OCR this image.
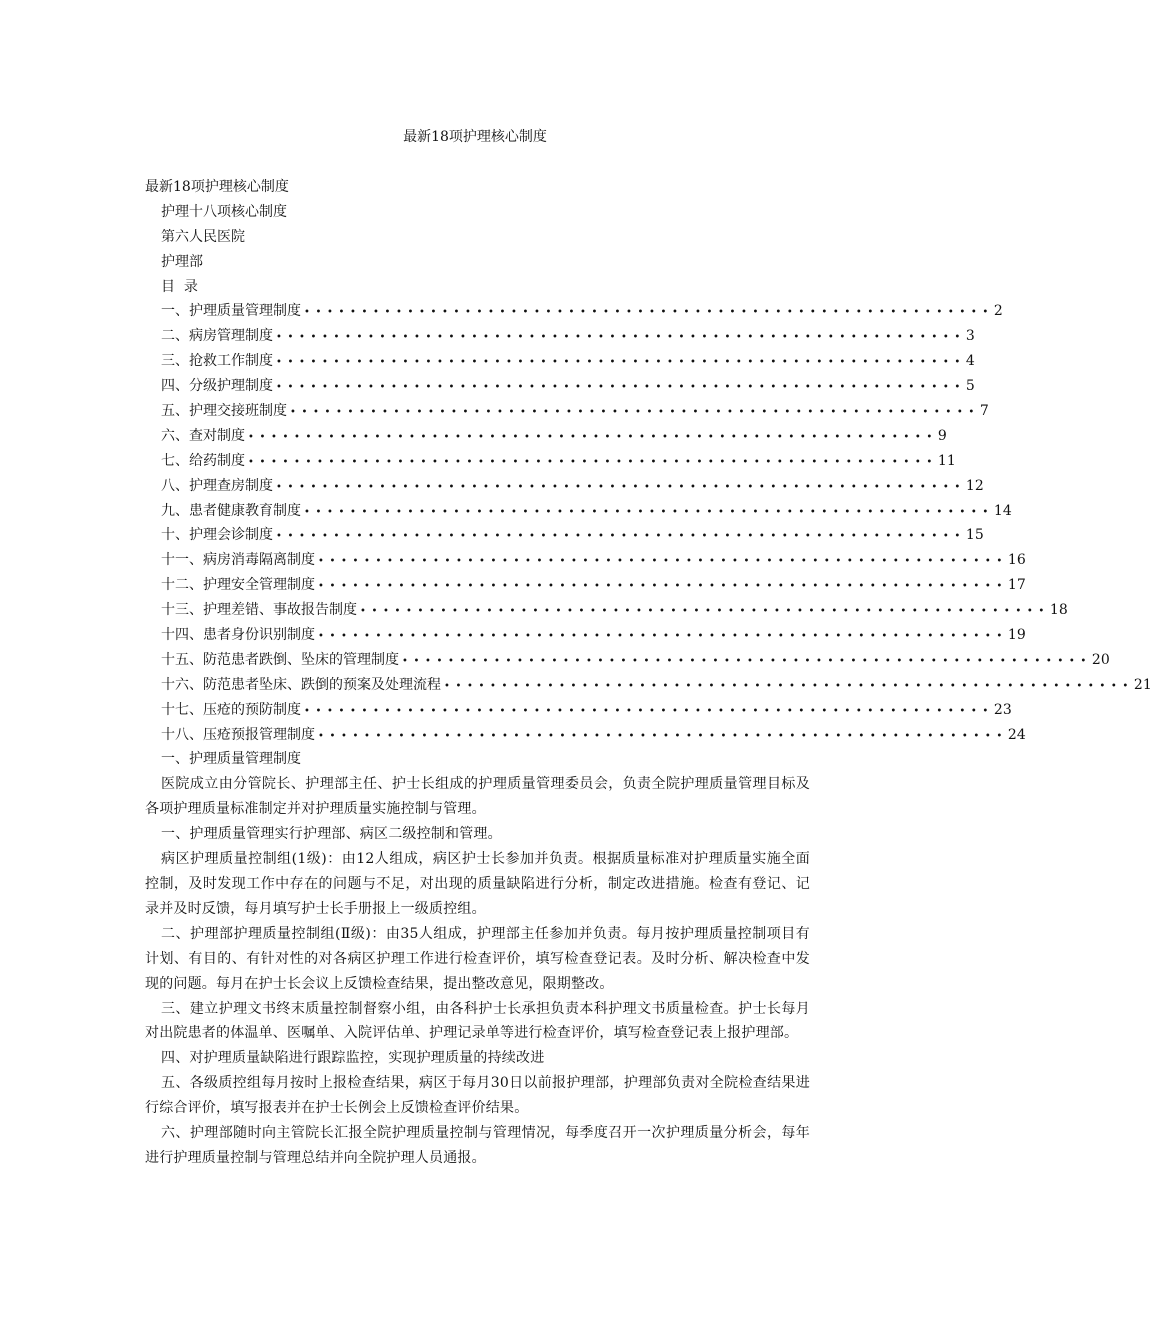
最新18项护理核心制度
最新18项护理核心制度
护理十八项核心制度
第六人民医院
护理部
目  录
一、护理质量管理制度 •••••••••••••••••••••••••••••••••••••••••••••••••••••••••••• 2
二、病房管理制度 •••••••••••••••••••••••••••••••••••••••••••••••••••••••••••• 3
三、抢救工作制度 •••••••••••••••••••••••••••••••••••••••••••••••••••••••••••• 4
四、分级护理制度 •••••••••••••••••••••••••••••••••••••••••••••••••••••••••••• 5
五、护理交接班制度 •••••••••••••••••••••••••••••••••••••••••••••••••••••••••••• 7
六、查对制度 •••••••••••••••••••••••••••••••••••••••••••••••••••••••••••• 9
七、给药制度 •••••••••••••••••••••••••••••••••••••••••••••••••••••••••••• 11
八、护理查房制度 •••••••••••••••••••••••••••••••••••••••••••••••••••••••••••• 12
九、患者健康教育制度 •••••••••••••••••••••••••••••••••••••••••••••••••••••••••••• 14
十、护理会诊制度 •••••••••••••••••••••••••••••••••••••••••••••••••••••••••••• 15
十一、病房消毒隔离制度 •••••••••••••••••••••••••••••••••••••••••••••••••••••••••••• 16
十二、护理安全管理制度 •••••••••••••••••••••••••••••••••••••••••••••••••••••••••••• 17
十三、护理差错、事故报告制度 •••••••••••••••••••••••••••••••••••••••••••••••••••••••••••• 18
十四、患者身份识别制度 •••••••••••••••••••••••••••••••••••••••••••••••••••••••••••• 19
十五、防范患者跌倒、坠床的管理制度 •••••••••••••••••••••••••••••••••••••••••••••••••••••••••••• 20
十六、防范患者坠床、跌倒的预案及处理流程 •••••••••••••••••••••••••••••••••••••••••••••••••••••••••••• 21
十七、压疮的预防制度 •••••••••••••••••••••••••••••••••••••••••••••••••••••••••••• 23
十八、压疮预报管理制度 •••••••••••••••••••••••••••••••••••••••••••••••••••••••••••• 24
一、护理质量管理制度

医院成立由分管院长、护理部主任、护士长组成的护理质量管理委员会，负责全院护理质量管理目标及各项护理质量标准制定并对护理质量实施控制与管理。

一、护理质量管理实行护理部、病区二级控制和管理。

病区护理质量控制组(1级)：由12人组成，病区护士长参加并负责。根据质量标准对护理质量实施全面控制，及时发现工作中存在的问题与不足，对出现的质量缺陷进行分析，制定改进措施。检查有登记、记录并及时反馈，每月填写护士长手册报上一级质控组。

二、护理部护理质量控制组(Ⅱ级)：由35人组成，护理部主任参加并负责。每月按护理质量控制项目有计划、有目的、有针对性的对各病区护理工作进行检查评价，填写检查登记表。及时分析、解决检查中发现的问题。每月在护士长会议上反馈检查结果，提出整改意见，限期整改。

三、建立护理文书终末质量控制督察小组，由各科护士长承担负责本科护理文书质量检查。护士长每月对出院患者的体温单、医嘱单、入院评估单、护理记录单等进行检查评价，填写检查登记表上报护理部。

四、对护理质量缺陷进行跟踪监控，实现护理质量的持续改进

五、各级质控组每月按时上报检查结果，病区于每月30日以前报护理部，护理部负责对全院检查结果进行综合评价，填写报表并在护士长例会上反馈检查评价结果。

六、护理部随时向主管院长汇报全院护理质量控制与管理情况，每季度召开一次护理质量分析会，每年进行护理质量控制与管理总结并向全院护理人员通报。
